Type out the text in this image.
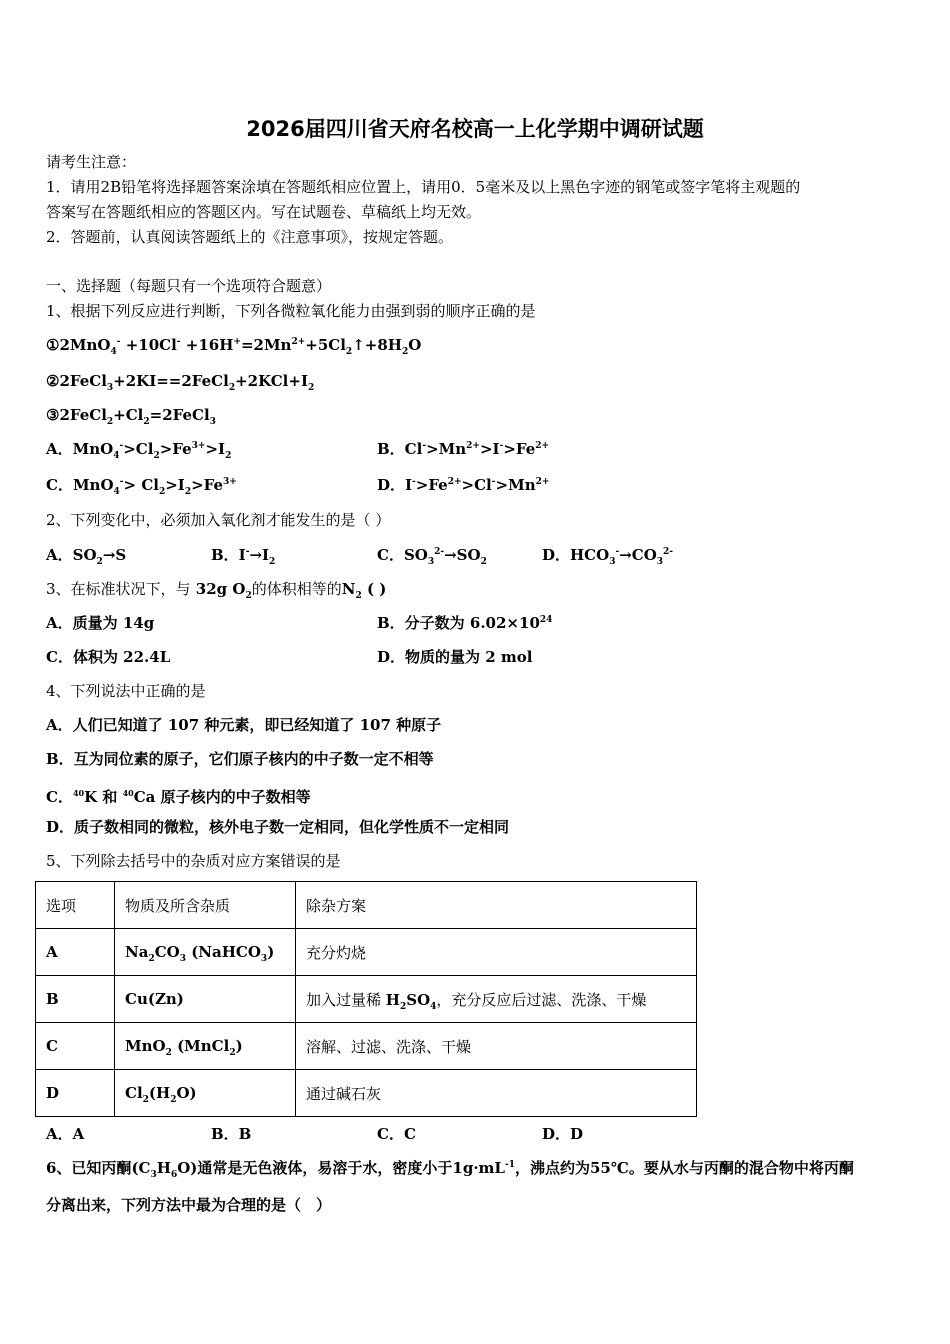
2026届四川省天府名校高一上化学期中调研试题
请考生注意：
1．请用2B铅笔将选择题答案涂填在答题纸相应位置上，请用0．5毫米及以上黑色字迹的钢笔或签字笔将主观题的
答案写在答题纸相应的答题区内。写在试题卷、草稿纸上均无效。
2．答题前，认真阅读答题纸上的《注意事项》，按规定答题。
一、选择题（每题只有一个选项符合题意）
1、根据下列反应进行判断，下列各微粒氧化能力由强到弱的顺序正确的是
①2MnO$_4$- $+10Cl^- +16H^+=2Mn^{2+}+5Cl_2↑+8H_2O$
$②2FeCl_3+2KI==2FeCl_2+2KCl+I_2$
$③2FeCl_2+Cl_2=2FeCl_3$
A．$MnO_4^->Cl_2>Fe^{3+}>I_2$	B．$Cl^->Mn^{2+}>I^->Fe^{2+}$
C．$MnO_4^-> Cl_2>I_2>Fe^{3+}$	D．$I^->Fe^{2+}>Cl^->Mn^{2+}$
2、下列变化中，必须加入氧化剂才能发生的是（ ）
A．$SO_2\to S$	B．$I^-\to I_2$	C．$SO_3^{2-}\to SO_2$	D．$HCO_3^-\to CO_3^{2-}$
3、在标准状况下，与 32g $O_2$的体积相等的$N_2$ ( )
A．质量为 14g	B．分子数为 $6.02\times 10^{24}$
C．体积为 22.4L	D．物质的量为 2 mol
4、下列说法中正确的是
A．人们已知道了 107 种元素，即已经知道了 107 种原子
B．互为同位素的原子，它们原子核内的中子数一定不相等
C．$^{40}$K 和 $^{40}$Ca 原子核内的中子数相等
D．质子数相同的微粒，核外电子数一定相同，但化学性质不一定相同
5、下列除去括号中的杂质对应方案错误的是
选项	物质及所含杂质	除杂方案
A	$Na_2CO_3$ (NaHCO$_3$)	充分灼烧
B	Cu(Zn)	加入过量稀 $H_2SO_4$，充分反应后过滤、洗涤、干燥
C	MnO$_2$ (MnCl$_2$)	溶解、过滤、洗涤、干燥
D	$Cl_2(H_2O)$	通过碱石灰
A．A	B．B	C．C	D．D
6、已知丙酮$(C_3H_6O)$通常是无色液体，易溶于水，密度小于$1g\cdot mL^{-1}$，沸点约为55℃。要从水与丙酮的混合物中将丙酮
分离出来，下列方法中最为合理的是（　）
